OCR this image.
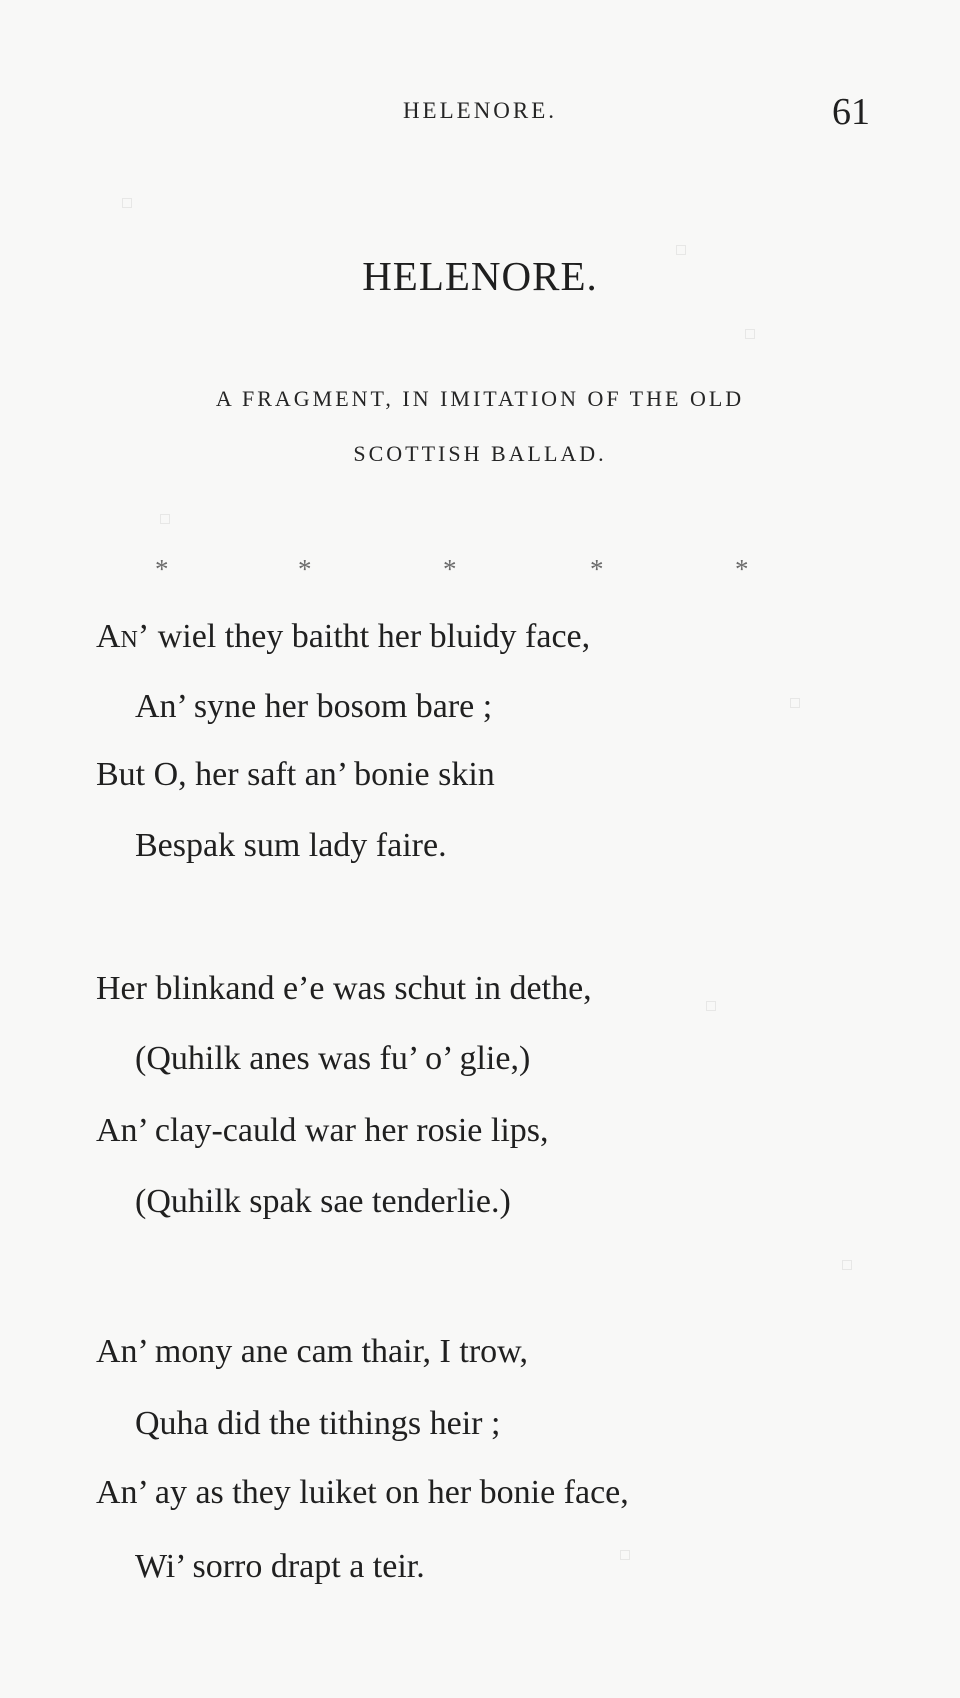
HELENORE.	61
HELENORE.
A FRAGMENT, IN IMITATION OF THE OLD
SCOTTISH BALLAD.
*	*	*	*	*
An’ wiel they baitht her bluidy face,
An’ syne her bosom bare ;
But O, her saft an’ bonie skin
Bespak sum lady faire.
Her blinkand e’e was schut in dethe,
(Quhilk anes was fu’ o’ glie,)
An’ clay-cauld war her rosie lips,
(Quhilk spak sae tenderlie.)
An’ mony ane cam thair, I trow,
Quha did the tithings heir ;
An’ ay as they luiket on her bonie face,
Wi’ sorro drapt a teir.
